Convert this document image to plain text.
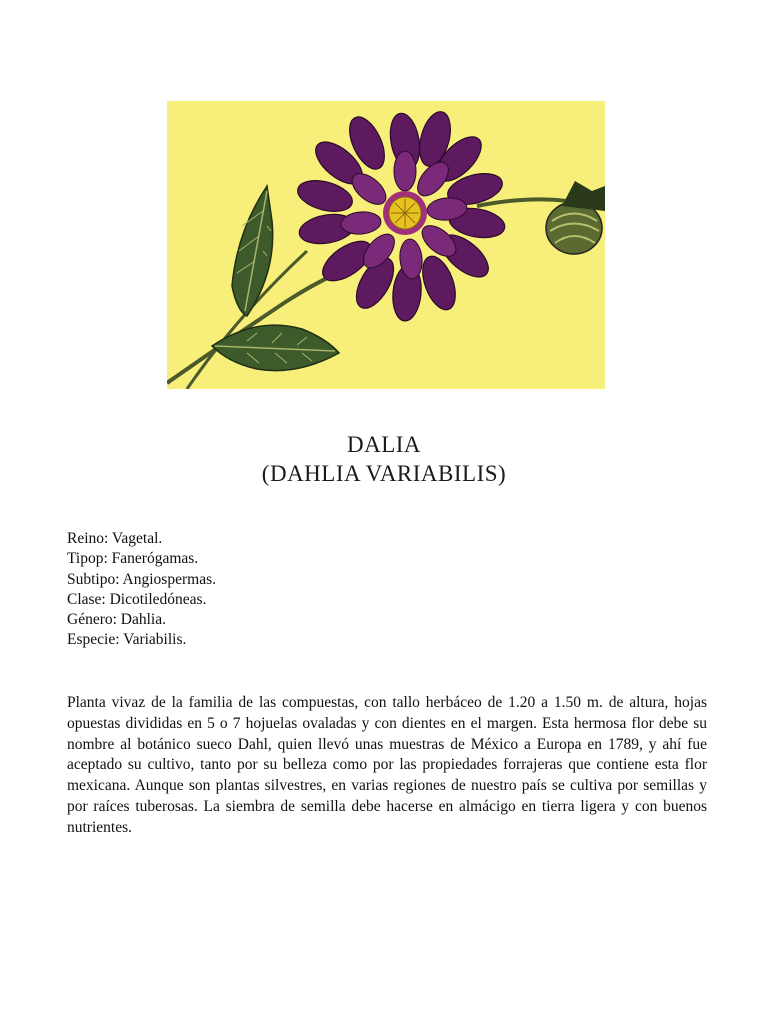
DALIA
(DAHLIA VARIABILIS)
Reino: Vagetal.
Tipop: Fanerógamas.
Subtipo: Angiospermas.
Clase: Dicotiledóneas.
Género: Dahlia.
Especie: Variabilis.

Planta vivaz de la familia de las compuestas, con tallo herbáceo de 1.20 a 1.50 m. de altura, hojas opuestas divididas en 5 o 7 hojuelas ovaladas y con dientes en el margen. Esta hermosa flor debe su nombre al botánico sueco Dahl, quien llevó unas muestras de México a Europa en 1789, y ahí fue aceptado su cultivo, tanto por su belleza como por las propiedades forrajeras que contiene esta flor mexicana. Aunque son plantas silvestres, en varias regiones de nuestro país se cultiva por semillas y por raíces tuberosas. La siembra de semilla debe hacerse en almácigo en tierra ligera y con buenos nutrientes.
